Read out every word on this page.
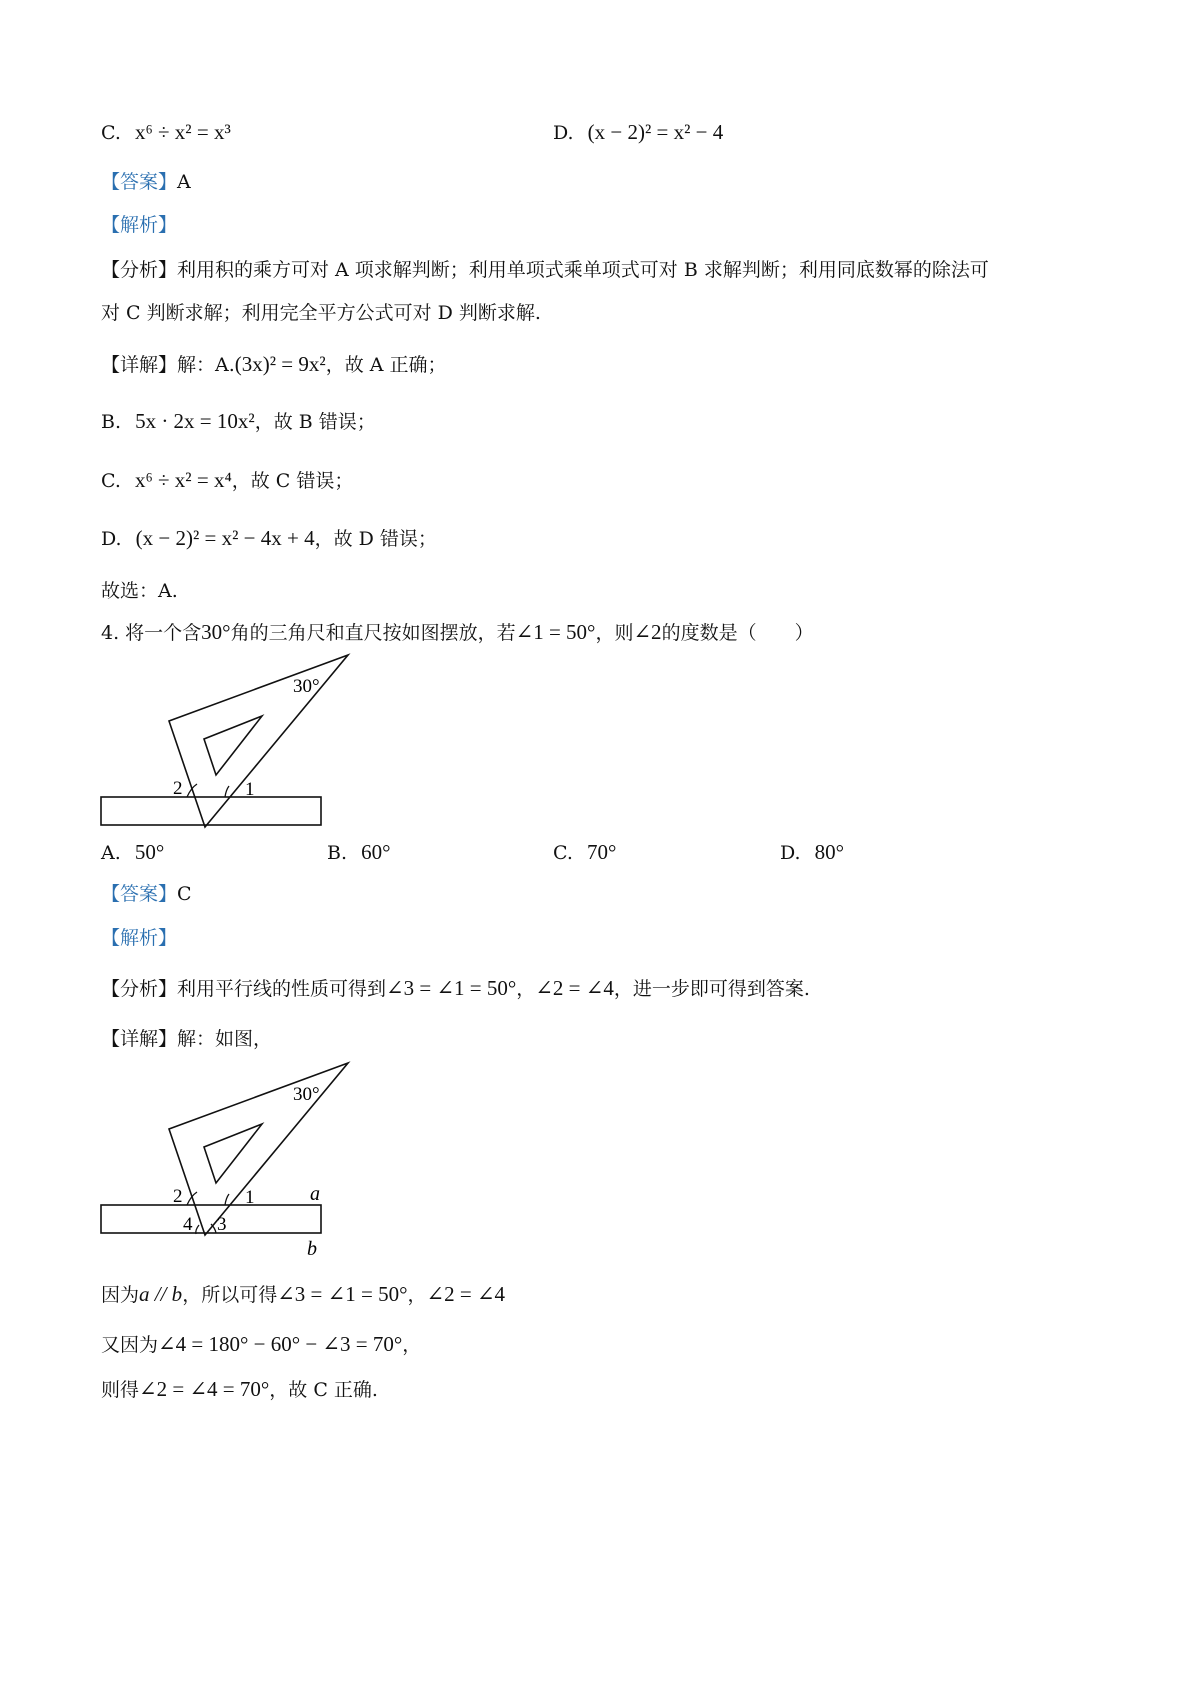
C. x⁶ ÷ x² = x³	D. (x − 2)² = x² − 4
【答案】A
【解析】
【分析】利用积的乘方可对 A 项求解判断；利用单项式乘单项式可对 B 求解判断；利用同底数幂的除法可
对 C 判断求解；利用完全平方公式可对 D 判断求解.
【详解】解：A.(3x)² = 9x²，故 A 正确；
B. 5x · 2x = 10x²，故 B 错误；
C. x⁶ ÷ x² = x⁴，故 C 错误；
D. (x − 2)² = x² − 4x + 4，故 D 错误；
故选：A.
4. 将一个含30°角的三角尺和直尺按如图摆放，若∠1 = 50°，则∠2的度数是（　　）
30°
2	1
A. 50°	B. 60°	C. 70°	D. 80°
【答案】C
【解析】
【分析】利用平行线的性质可得到∠3 = ∠1 = 50°，∠2 = ∠4，进一步即可得到答案.
【详解】解：如图，
30°
2	1
4 3
a
b
因为a // b，所以可得∠3 = ∠1 = 50°，∠2 = ∠4
又因为∠4 = 180° − 60° − ∠3 = 70°，
则得∠2 = ∠4 = 70°，故 C 正确.
